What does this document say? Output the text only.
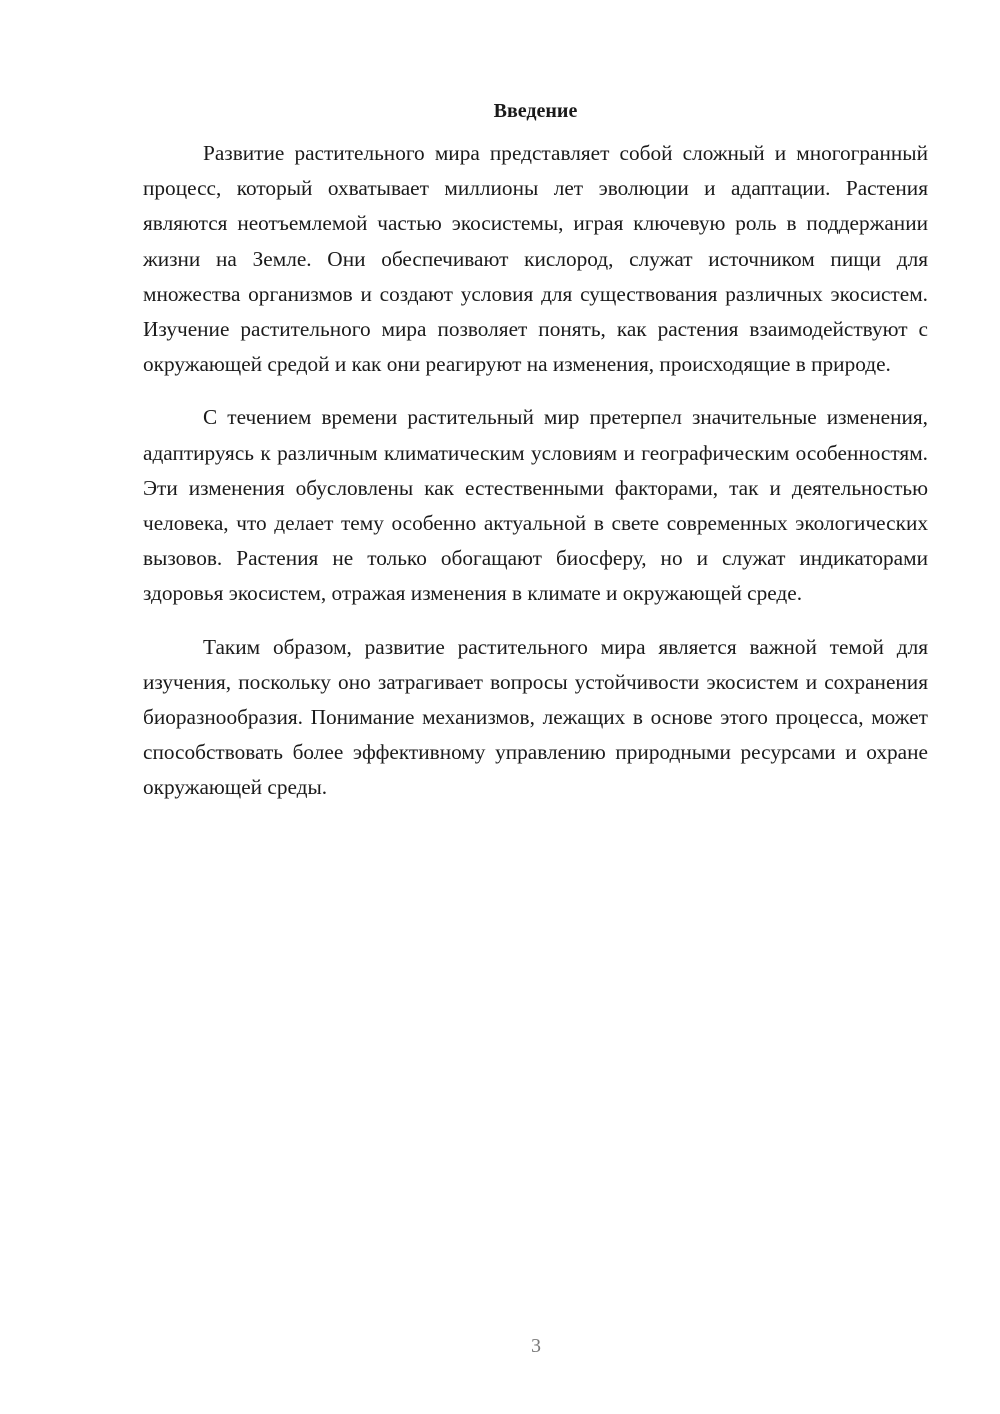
Введение

Развитие растительного мира представляет собой сложный и многогранный процесс, который охватывает миллионы лет эволюции и адаптации. Растения являются неотъемлемой частью экосистемы, играя ключевую роль в поддержании жизни на Земле. Они обеспечивают кислород, служат источником пищи для множества организмов и создают условия для существования различных экосистем. Изучение растительного мира позволяет понять, как растения взаимодействуют с окружающей средой и как они реагируют на изменения, происходящие в природе.

С течением времени растительный мир претерпел значительные изменения, адаптируясь к различным климатическим условиям и географическим особенностям. Эти изменения обусловлены как естественными факторами, так и деятельностью человека, что делает тему особенно актуальной в свете современных экологических вызовов. Растения не только обогащают биосферу, но и служат индикаторами здоровья экосистем, отражая изменения в климате и окружающей среде.

Таким образом, развитие растительного мира является важной темой для изучения, поскольку оно затрагивает вопросы устойчивости экосистем и сохранения биоразнообразия. Понимание механизмов, лежащих в основе этого процесса, может способствовать более эффективному управлению природными ресурсами и охране окружающей среды.

3
